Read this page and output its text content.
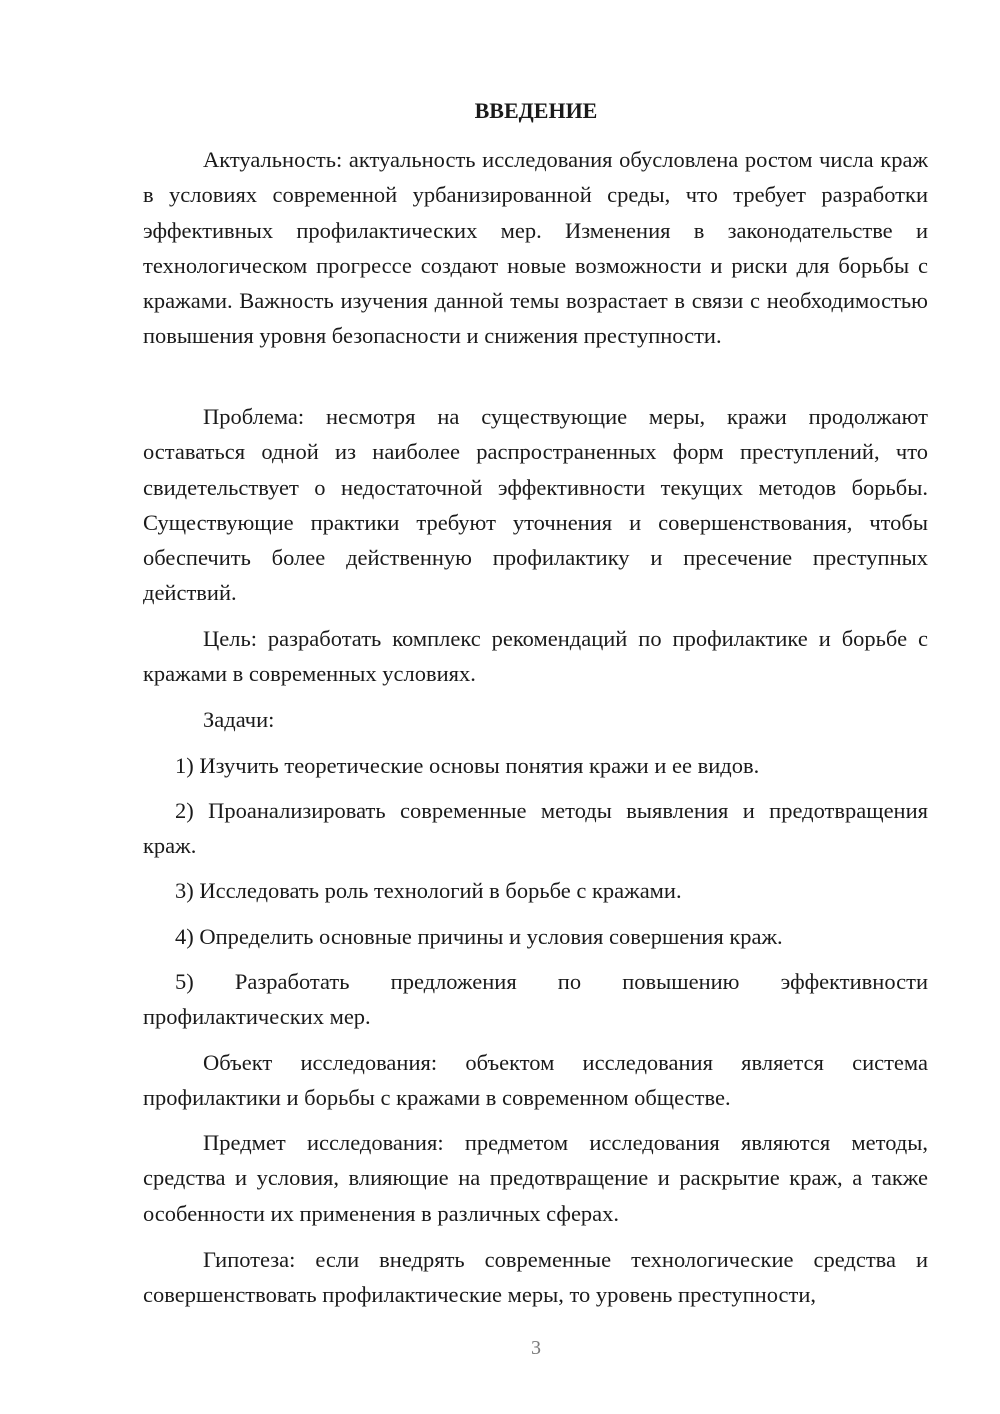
ВВЕДЕНИЕ

Актуальность: актуальность исследования обусловлена ростом числа краж в условиях современной урбанизированной среды, что требует разработки эффективных профилактических мер. Изменения в законодательстве и технологическом прогрессе создают новые возможности и риски для борьбы с кражами. Важность изучения данной темы возрастает в связи с необходимостью повышения уровня безопасности и снижения преступности.

Проблема: несмотря на существующие меры, кражи продолжают оставаться одной из наиболее распространенных форм преступлений, что свидетельствует о недостаточной эффективности текущих методов борьбы. Существующие практики требуют уточнения и совершенствования, чтобы обеспечить более действенную профилактику и пресечение преступных действий.

Цель: разработать комплекс рекомендаций по профилактике и борьбе с кражами в современных условиях.

Задачи:

1) Изучить теоретические основы понятия кражи и ее видов.

2) Проанализировать современные методы выявления и предотвращения краж.

3) Исследовать роль технологий в борьбе с кражами.

4) Определить основные причины и условия совершения краж.

5) Разработать предложения по повышению эффективности профилактических мер.

Объект исследования: объектом исследования является система профилактики и борьбы с кражами в современном обществе.

Предмет исследования: предметом исследования являются методы, средства и условия, влияющие на предотвращение и раскрытие краж, а также особенности их применения в различных сферах.

Гипотеза: если внедрять современные технологические средства и совершенствовать профилактические меры, то уровень преступности,

3
